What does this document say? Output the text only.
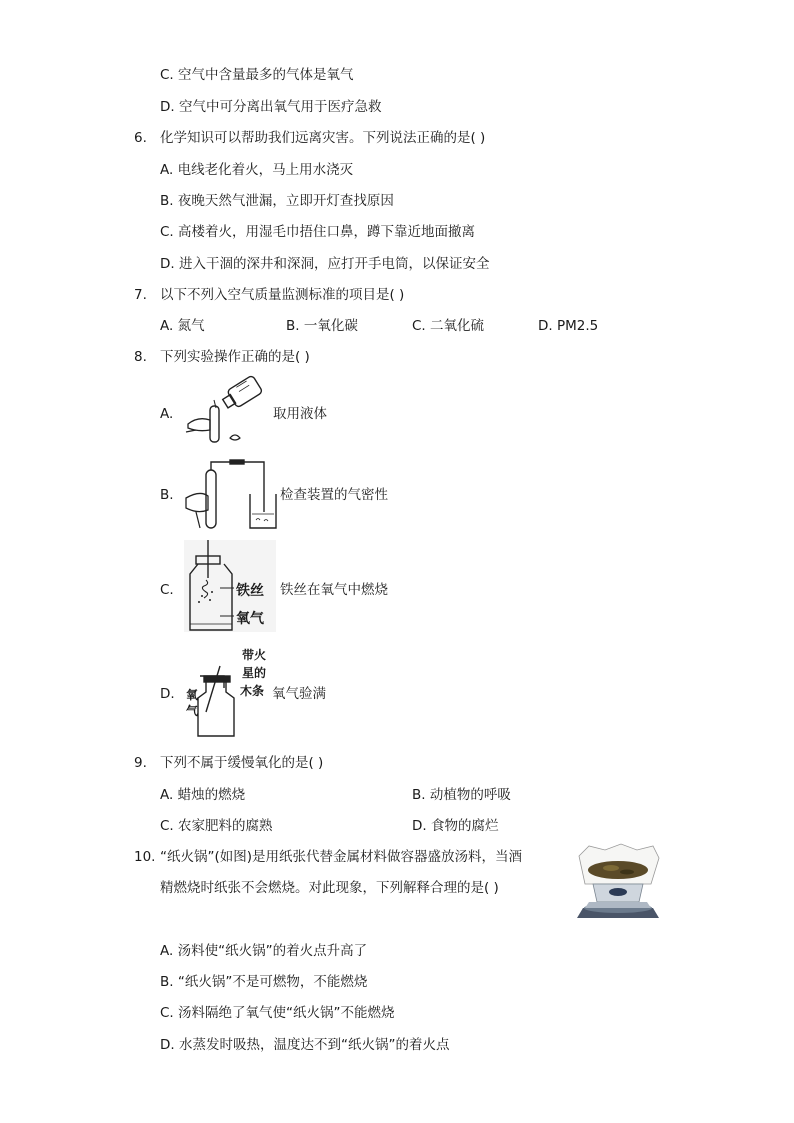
C. 空气中含量最多的气体是氧气
D. 空气中可分离出氧气用于医疗急救
6. 化学知识可以帮助我们远离灾害。下列说法正确的是( )
A. 电线老化着火，马上用水浇灭
B. 夜晚天然气泄漏，立即开灯查找原因
C. 高楼着火，用湿毛巾捂住口鼻，蹲下靠近地面撤离
D. 进入干涸的深井和深洞，应打开手电筒，以保证安全
7. 以下不列入空气质量监测标准的项目是( )
A. 氮气	B. 一氧化碳	C. 二氧化硫	D. PM2.5
8. 下列实验操作正确的是( )
A.	取用液体
B.	检查装置的气密性
C.	铁丝
氧气
铁丝在氧气中燃烧
D.
带火
星的
木条
氧
气
氧气验满
9. 下列不属于缓慢氧化的是( )
A. 蜡烛的燃烧	B. 动植物的呼吸
C. 农家肥料的腐熟	D. 食物的腐烂
10. “纸火锅”(如图)是用纸张代替金属材料做容器盛放汤料，当酒
精燃烧时纸张不会燃烧。对此现象，下列解释合理的是( )
A. 汤料使“纸火锅”的着火点升高了
B. “纸火锅”不是可燃物，不能燃烧
C. 汤料隔绝了氧气使“纸火锅”不能燃烧
D. 水蒸发时吸热，温度达不到“纸火锅”的着火点
